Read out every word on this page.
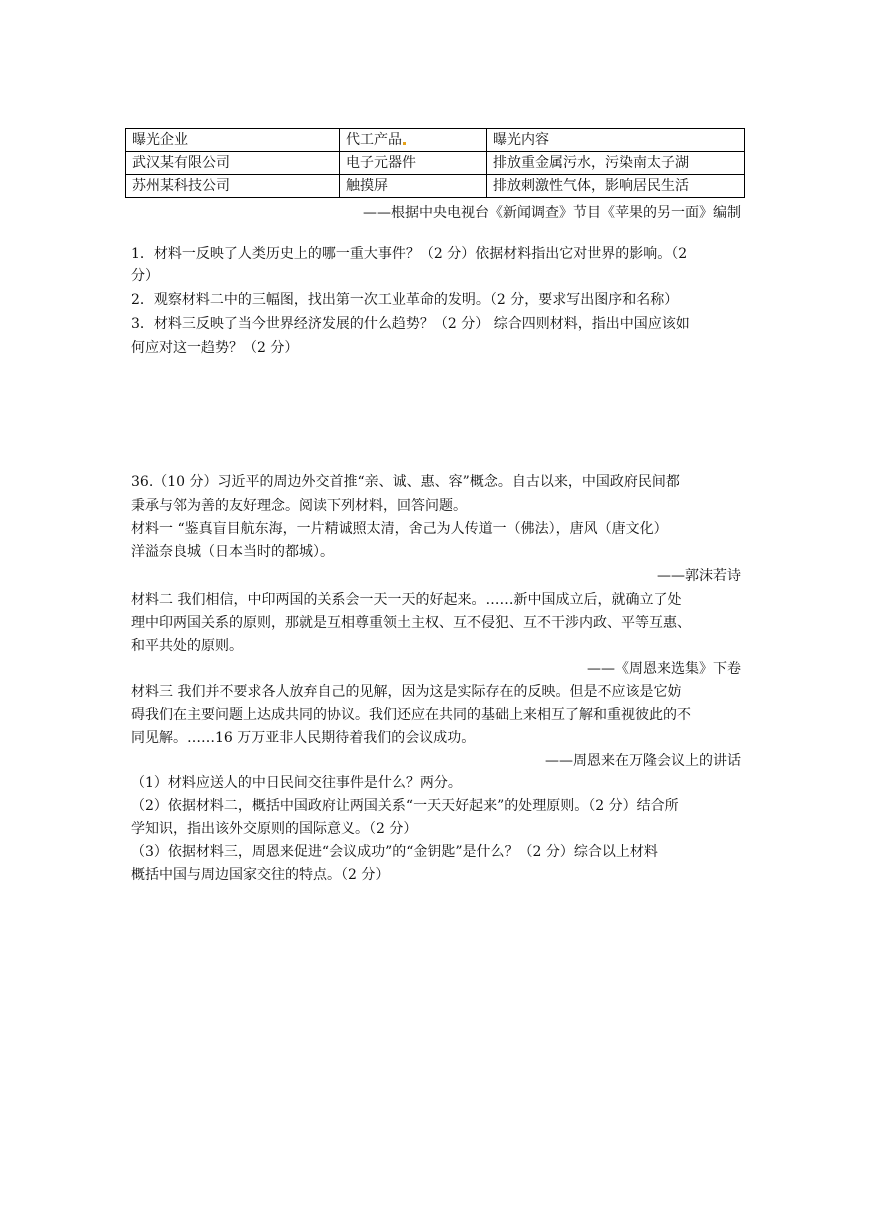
曝光企业	代工产品	曝光内容
武汉某有限公司	电子元器件	排放重金属污水，污染南太子湖
苏州某科技公司	触摸屏	排放刺激性气体，影响居民生活
——根据中央电视台《新闻调查》节目《苹果的另一面》编制
1．材料一反映了人类历史上的哪一重大事件？（2 分）依据材料指出它对世界的影响。（2
分）
2．观察材料二中的三幅图，找出第一次工业革命的发明。（2 分，要求写出图序和名称）
3．材料三反映了当今世界经济发展的什么趋势？（2 分） 综合四则材料，指出中国应该如
何应对这一趋势？（2 分）
36.（10 分）习近平的周边外交首推“亲、诚、惠、容”概念。自古以来，中国政府民间都
秉承与邻为善的友好理念。阅读下列材料，回答问题。
材料一 “鉴真盲目航东海，一片精诚照太清，舍己为人传道一（佛法），唐风（唐文化）
洋溢奈良城（日本当时的都城）。
——郭沫若诗
材料二 我们相信，中印两国的关系会一天一天的好起来。……新中国成立后，就确立了处
理中印两国关系的原则，那就是互相尊重领土主权、互不侵犯、互不干涉内政、平等互惠、
和平共处的原则。
——《周恩来选集》下卷
材料三 我们并不要求各人放弃自己的见解，因为这是实际存在的反映。但是不应该是它妨
碍我们在主要问题上达成共同的协议。我们还应在共同的基础上来相互了解和重视彼此的不
同见解。……16 万万亚非人民期待着我们的会议成功。
——周恩来在万隆会议上的讲话
（1）材料应送人的中日民间交往事件是什么？两分。
（2）依据材料二，概括中国政府让两国关系“一天天好起来”的处理原则。（2 分）结合所
学知识，指出该外交原则的国际意义。（2 分）
（3）依据材料三，周恩来促进“会议成功”的“金钥匙”是什么？（2 分）综合以上材料
概括中国与周边国家交往的特点。（2 分）
